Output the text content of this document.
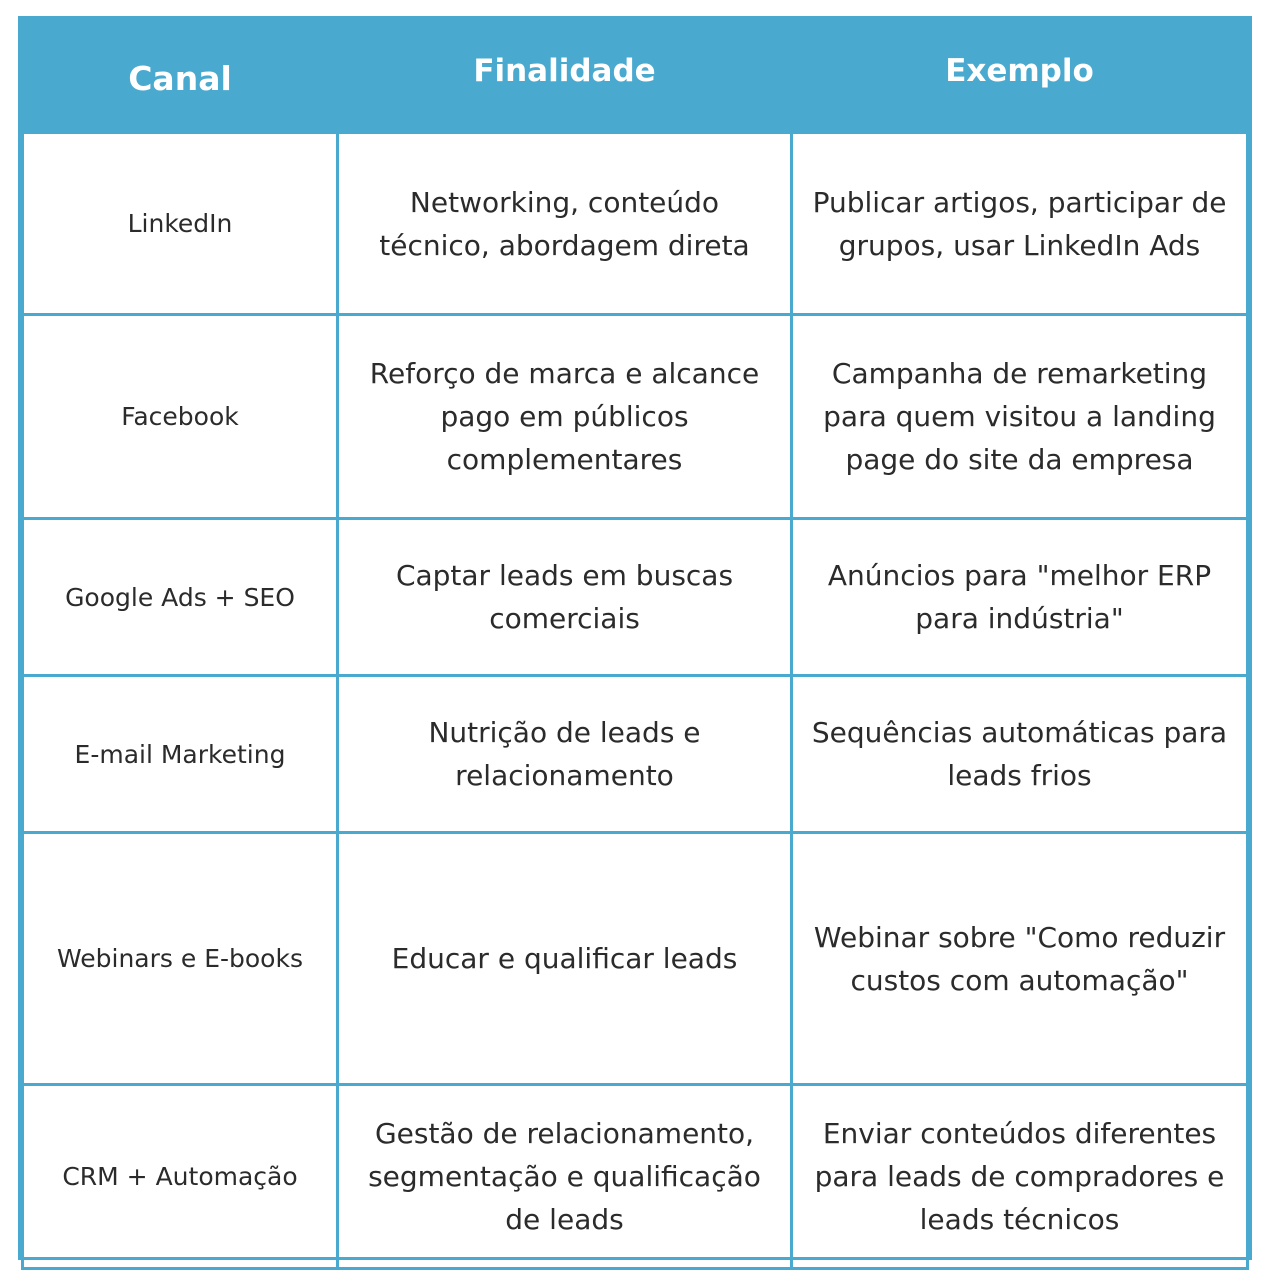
Canal	Finalidade	Exemplo
LinkedIn	Networking, conteúdo técnico, abordagem direta	Publicar artigos, participar de grupos, usar LinkedIn Ads
Facebook	Reforço de marca e alcance pago em públicos complementares	Campanha de remarketing para quem visitou a landing page do site da empresa
Google Ads + SEO	Captar leads em buscas comerciais	Anúncios para "melhor ERP para indústria"
E-mail Marketing	Nutrição de leads e relacionamento	Sequências automáticas para leads frios
Webinars e E-books	Educar e qualificar leads	Webinar sobre "Como reduzir custos com automação"
CRM + Automação	Gestão de relacionamento, segmentação e qualificação de leads	Enviar conteúdos diferentes para leads de compradores e leads técnicos
